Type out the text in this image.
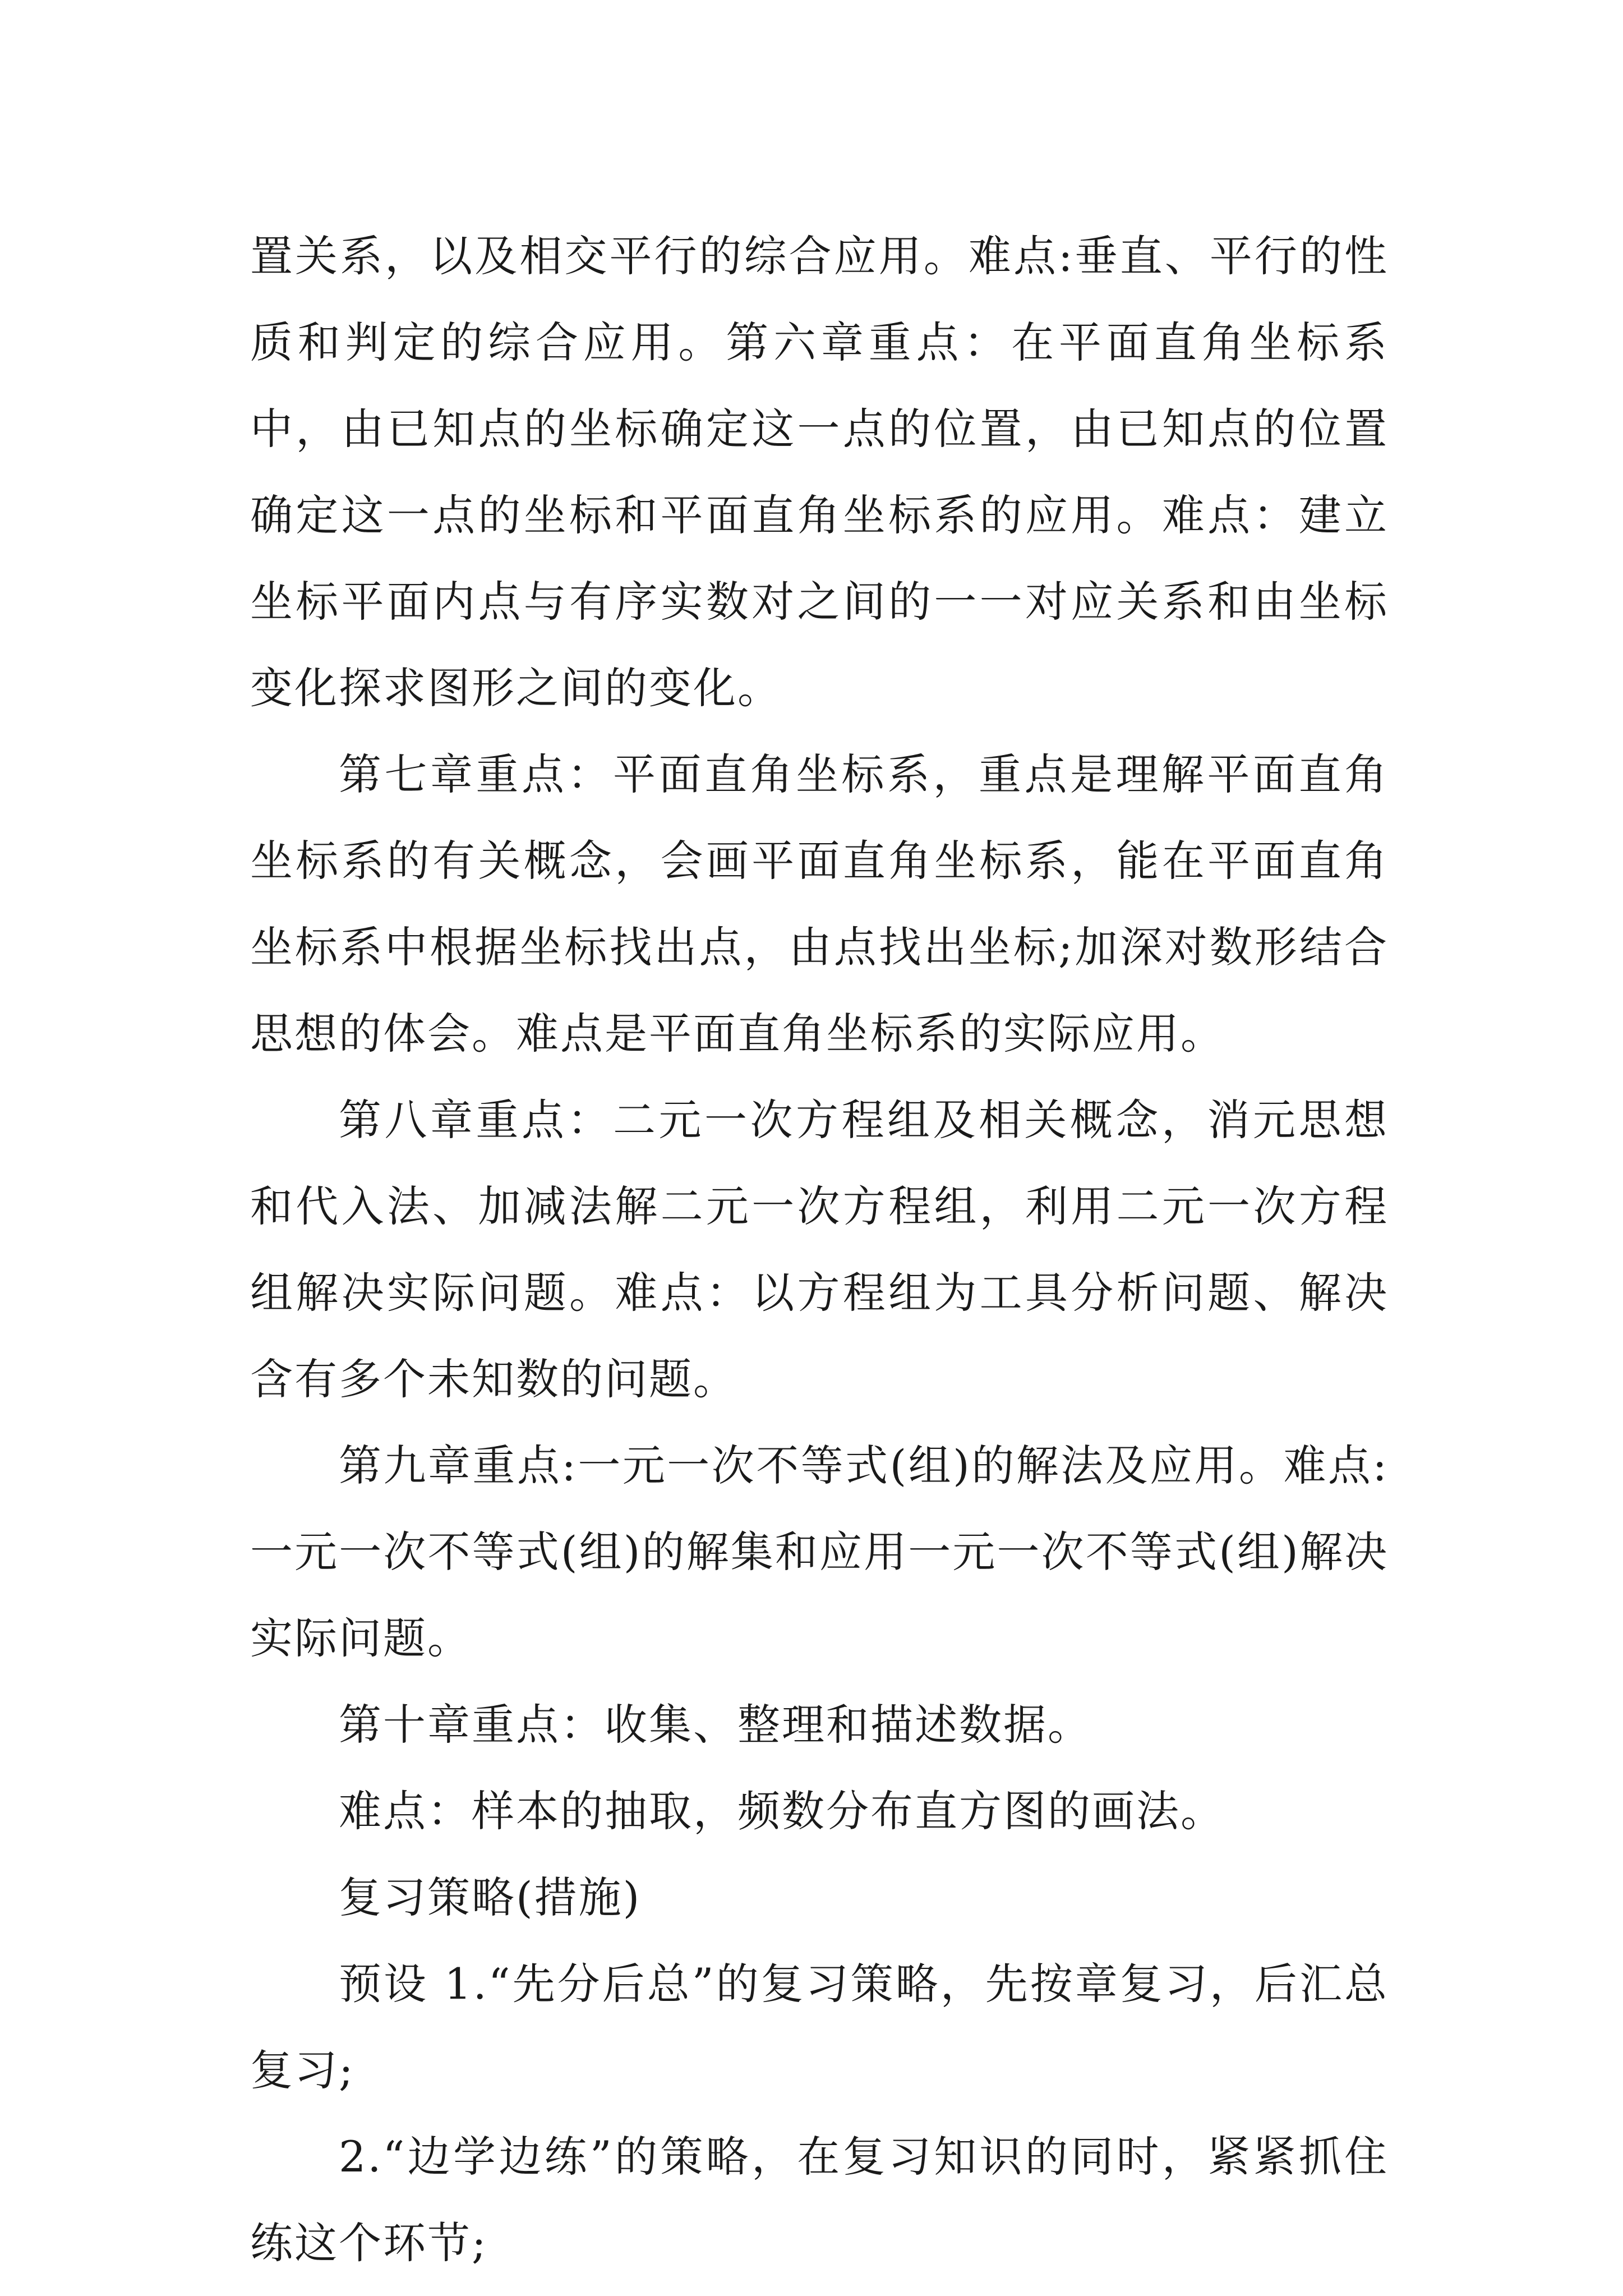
置关系，以及相交平行的综合应用。难点:垂直、平行的性质和判定的综合应用。第六章重点：在平面直角坐标系中，由已知点的坐标确定这一点的位置，由已知点的位置确定这一点的坐标和平面直角坐标系的应用。难点：建立坐标平面内点与有序实数对之间的一一对应关系和由坐标变化探求图形之间的变化。

第七章重点：平面直角坐标系，重点是理解平面直角坐标系的有关概念，会画平面直角坐标系，能在平面直角坐标系中根据坐标找出点，由点找出坐标;加深对数形结合思想的体会。难点是平面直角坐标系的实际应用。

第八章重点：二元一次方程组及相关概念，消元思想和代入法、加减法解二元一次方程组，利用二元一次方程组解决实际问题。难点：以方程组为工具分析问题、解决含有多个未知数的问题。

第九章重点:一元一次不等式(组)的解法及应用。难点:一元一次不等式(组)的解集和应用一元一次不等式(组)解决实际问题。

第十章重点：收集、整理和描述数据。

难点：样本的抽取，频数分布直方图的画法。

复习策略(措施)

预设 1.“先分后总”的复习策略，先按章复习，后汇总复习;

2.“边学边练”的策略，在复习知识的同时，紧紧抓住练这个环节;
